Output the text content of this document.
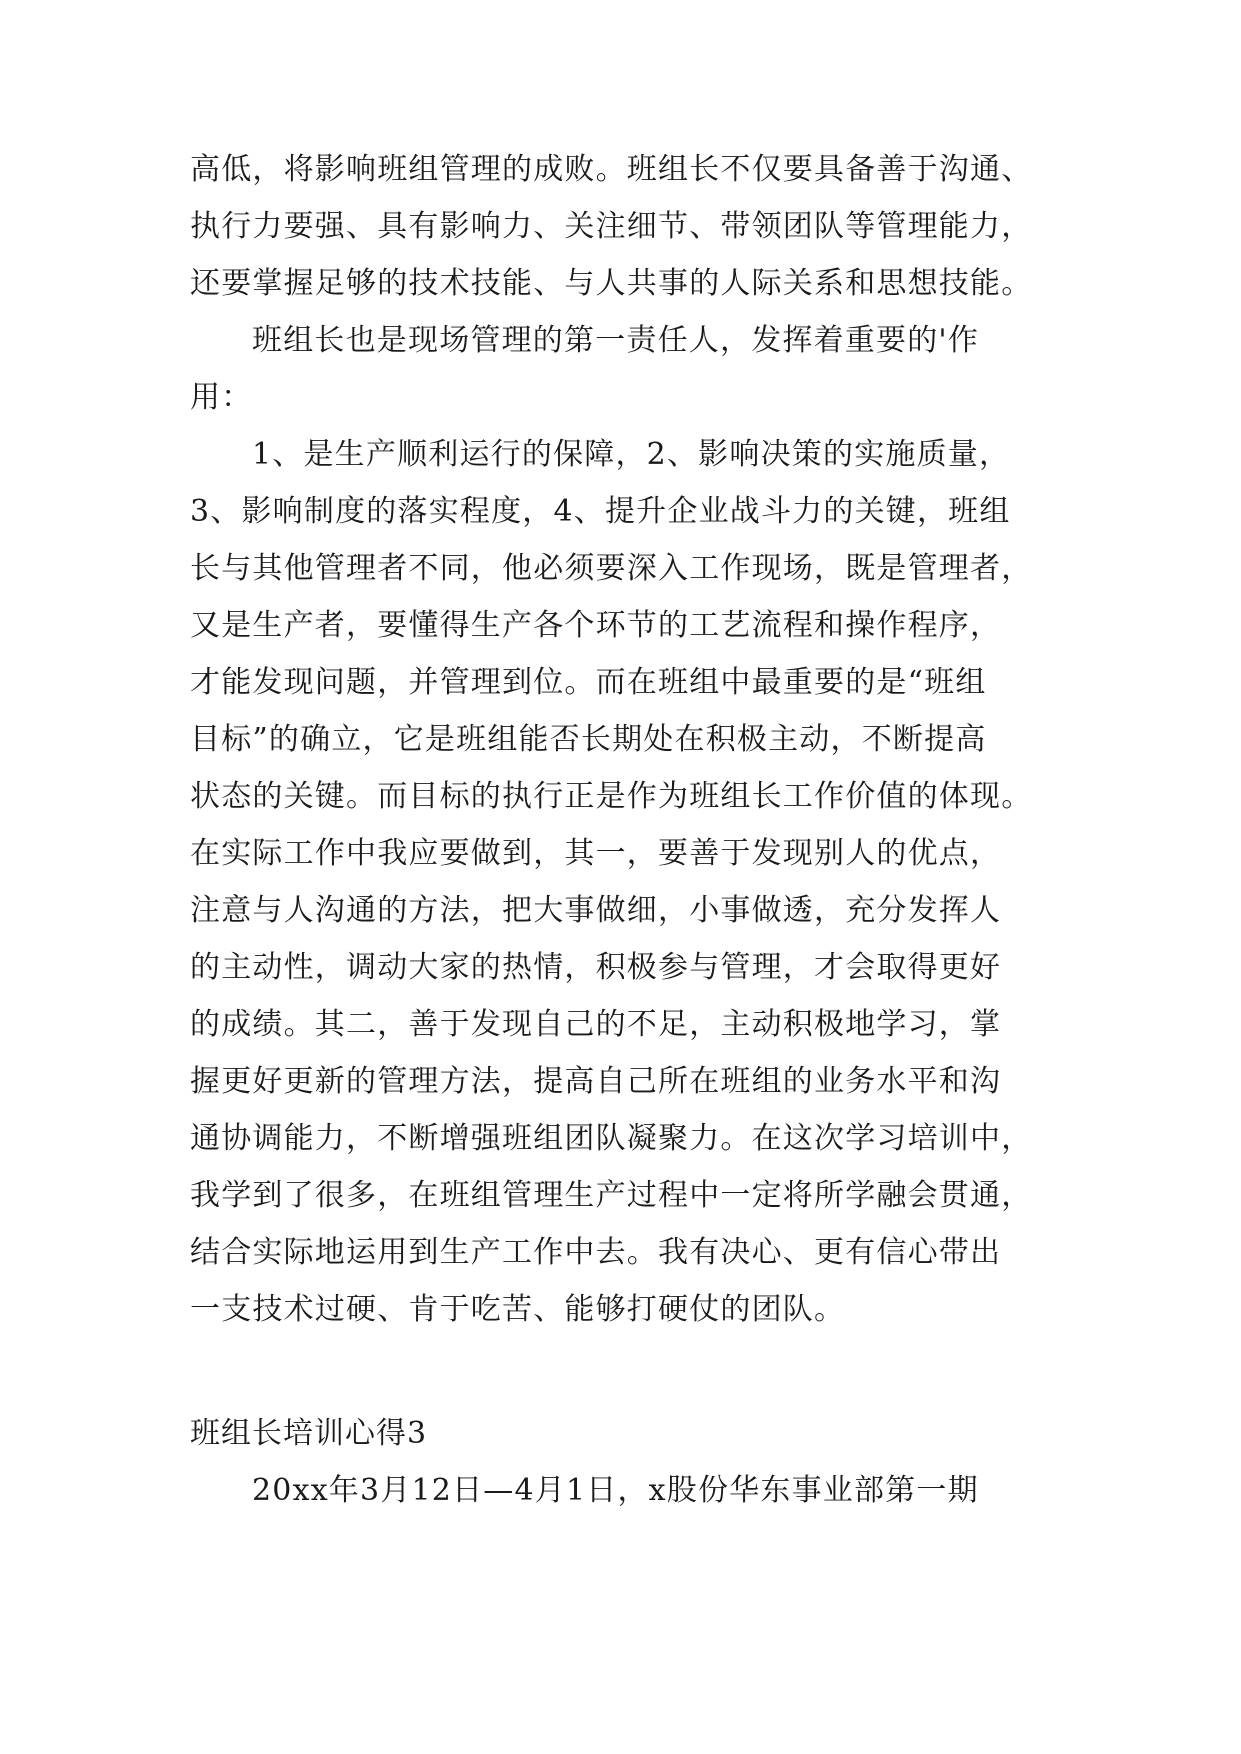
高低，将影响班组管理的成败。班组长不仅要具备善于沟通、
执行力要强、具有影响力、关注细节、带领团队等管理能力，
还要掌握足够的技术技能、与人共事的人际关系和思想技能。
班组长也是现场管理的第一责任人，发挥着重要的'作
用：
1、是生产顺利运行的保障，2、影响决策的实施质量，
3、影响制度的落实程度，4、提升企业战斗力的关键，班组
长与其他管理者不同，他必须要深入工作现场，既是管理者，
又是生产者，要懂得生产各个环节的工艺流程和操作程序，
才能发现问题，并管理到位。而在班组中最重要的是“班组
目标”的确立，它是班组能否长期处在积极主动，不断提高
状态的关键。而目标的执行正是作为班组长工作价值的体现。
在实际工作中我应要做到，其一，要善于发现别人的优点，
注意与人沟通的方法，把大事做细，小事做透，充分发挥人
的主动性，调动大家的热情，积极参与管理，才会取得更好
的成绩。其二，善于发现自己的不足，主动积极地学习，掌
握更好更新的管理方法，提高自己所在班组的业务水平和沟
通协调能力，不断增强班组团队凝聚力。在这次学习培训中，
我学到了很多，在班组管理生产过程中一定将所学融会贯通，
结合实际地运用到生产工作中去。我有决心、更有信心带出
一支技术过硬、肯于吃苦、能够打硬仗的团队。
班组长培训心得3
20xx年3月12日—4月1日，x股份华东事业部第一期
